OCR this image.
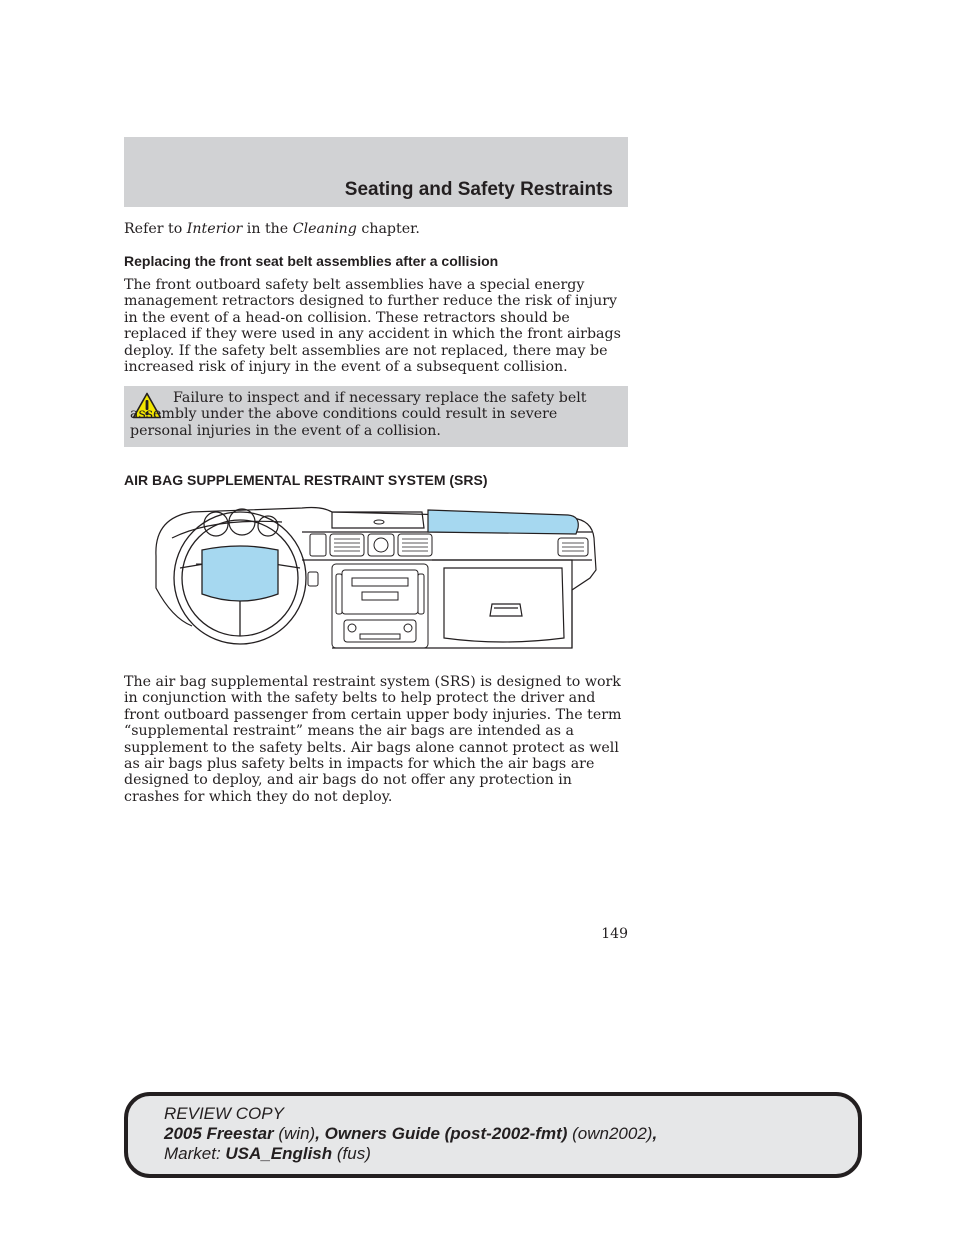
Seating and Safety Restraints

Refer to Interior in the Cleaning chapter.

Replacing the front seat belt assemblies after a collision

The front outboard safety belt assemblies have a special energy management retractors designed to further reduce the risk of injury in the event of a head-on collision. These retractors should be replaced if they were used in any accident in which the front airbags deploy. If the safety belt assemblies are not replaced, there may be increased risk of injury in the event of a subsequent collision.

Failure to inspect and if necessary replace the safety belt assembly under the above conditions could result in severe personal injuries in the event of a collision.

AIR BAG SUPPLEMENTAL RESTRAINT SYSTEM (SRS)

The air bag supplemental restraint system (SRS) is designed to work in conjunction with the safety belts to help protect the driver and front outboard passenger from certain upper body injuries. The term “supplemental restraint” means the air bags are intended as a supplement to the safety belts. Air bags alone cannot protect as well as air bags plus safety belts in impacts for which the air bags are designed to deploy, and air bags do not offer any protection in crashes for which they do not deploy.

149

REVIEW COPY
2005 Freestar (win), Owners Guide (post-2002-fmt) (own2002),
Market: USA_English (fus)
